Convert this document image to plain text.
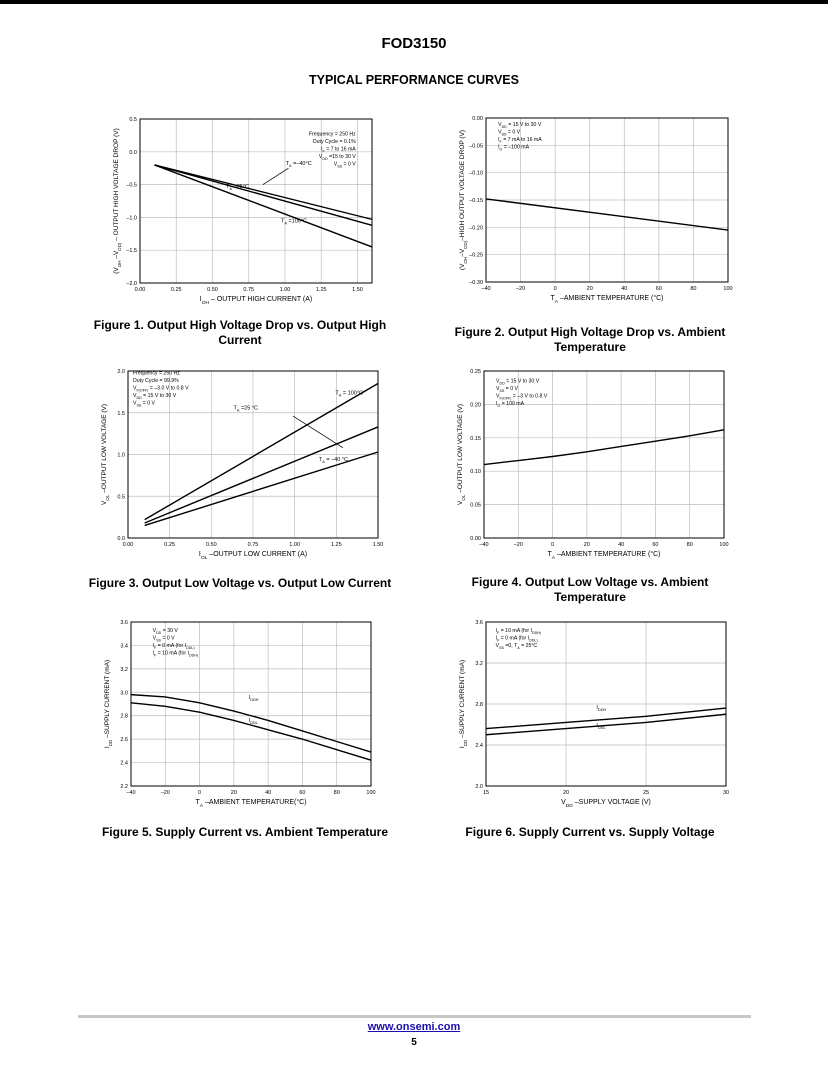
FOD3150
TYPICAL PERFORMANCE CURVES
0.00	0.25	0.50	0.75	1.00	1.25	1.50
–2.0
–1.5
–1.0
–0.5
0.0
0.5
$I_{OH}$ – OUTPUT HIGH CURRENT (A)
($V_{OH}$ $-V_{DD)}$ – OUTPUT HIGH VOLTAGE DROP (V)	$T_A =-40^\circ C$
$T_A =25^\circ C$
$T_A =100^\circ C$
Frequency = 250 Hz
Duty Cycle = 0.1%
$I_F = 7$ to 16 mA
$V_{DD} =15$ to 30 V
$V_{SS} = 0$ V
–40	–20	0	20	40	60	80	100
–0.30
–0.25
–0.20
–0.15
–0.10
–0.05
0.00
$T_A$ –AMBIENT TEMPERATURE (°C)
($V_{OH}-V_{DD)}$–HIGH OUTPUT VOLTAGE DROP (V)
$V_{DD} = 15$ V to 30 V
$V_{SS} = 0$ V
$I_F = 7$ mA to 16 mA
$I_O = -100$ mA
0.00	0.25	0.50	0.75	1.00	1.25	1.50
0.0
0.5
1.0
1.5
2.0
$I_{OL}$ –OUTPUT LOW CURRENT (A)
$V_{OL}$ –OUTPUT LOW VOLTAGE (V)
$T_A = 100^\circ C$
$T_A =25$ °C
$T_A = -40$ °C
Frequency = 250 Hz
Duty Cycle = 99.9%
$V_{F(OFF)} = -3.0$ V to 0.8 V
$V_{DD} = 15$ V to 30 V
$V_{SS} = 0$ V
–40	–20	0	20	40	60	80	100
0.00
0.05
0.10
0.15
0.20
0.25
$T_A$ –AMBIENT TEMPERATURE (°C)
$V_{OL}$ –OUTPUT LOW VOLTAGE (V)
$V_{DD} = 15$ V to 30 V
$V_{SS} = 0$ V
$V_{F(OFF)} = -3$ V to 0.8 V
$I_O = 100$ mA
–40	–20	0	20	40	60	80	100
2.2
2.4
2.6
2.8
3.0
3.2
3.4
3.6
$T_A$ –AMBIENT TEMPERATURE(°C)
$I_{DD}$ –SUPPLY CURRENT (mA)	$I_{DDH}$
$I_{DDL}$
$V_{DD} = 30$ V
$V_{SS} = 0$ V
$I_F = 0$ mA (for $I_{DDL)}$
$I_F = 10$ mA (for $I_{DDH)}$
15	20	25	30
2.0
2.4
2.8
3.2
3.6
$V_{DD}$ –SUPPLY VOLTAGE (V)
$I_{DD}$ –SUPPLY CURRENT (mA)	$I_{DDH}$
$I_{DDL}$
$I_F = 10$ mA (for $I_{DDH)}$
$I_F = 0$ mA (for $I_{DDL)}$
$V_{SS} =0$, $T_A = 25^\circ C$
Figure 1. Output High Voltage Drop vs. Output High Current
Figure 2. Output High Voltage Drop vs. Ambient Temperature
Figure 3. Output Low Voltage vs. Output Low Current	Figure 4. Output Low Voltage vs. Ambient Temperature
Figure 5. Supply Current vs. Ambient Temperature	Figure 6. Supply Current vs. Supply Voltage
www.onsemi.com
5
